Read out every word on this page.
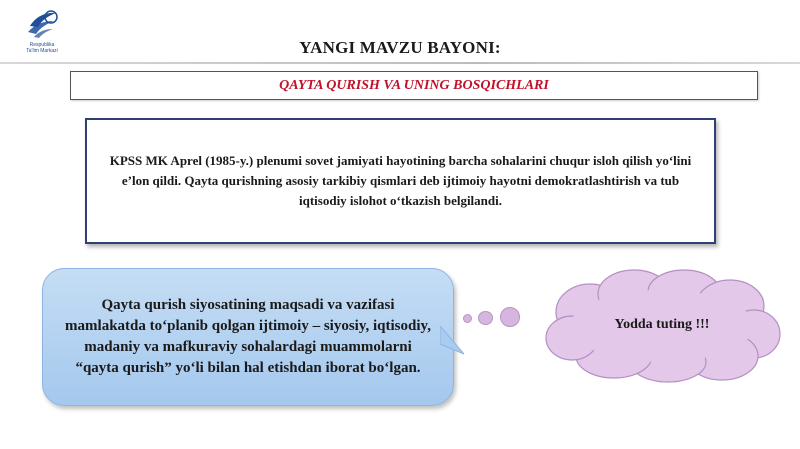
Respublika
Ta'lim Markazi	YANGI MAVZU BAYONI:
QAYTA QURISH VA UNING BOSQICHLARI
KPSS MK Aprel (1985-y.) plenumi sovet jamiyati hayotining barcha sohalarini chuqur isloh qilish yo‘lini e’lon qildi. Qayta qurishning asosiy tarkibiy qismlari deb ijtimoiy hayotni demokratlashtirish va tub iqtisodiy islohot o‘tkazish belgilandi.
Qayta qurish siyosatining maqsadi va vazifasi mamlakatda to‘planib qolgan ijtimoiy – siyosiy, iqtisodiy, madaniy va mafkuraviy sohalardagi muammolarni “qayta qurish” yo‘li bilan hal etishdan iborat bo‘lgan.
Yodda tuting !!!
